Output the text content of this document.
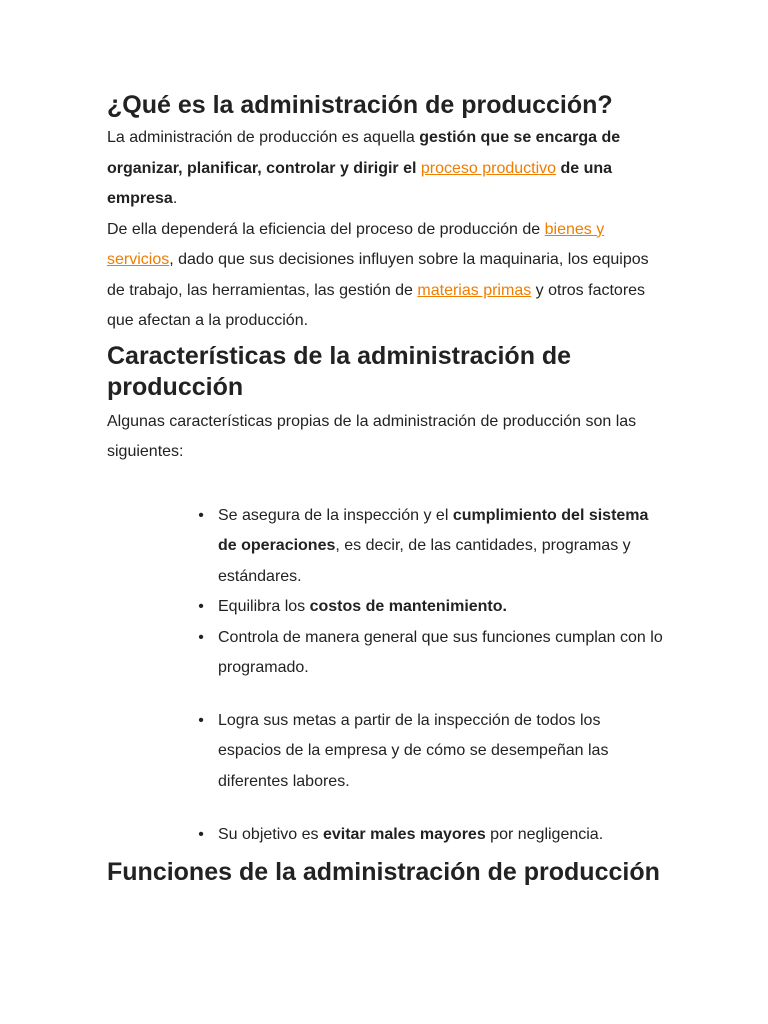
¿Qué es la administración de producción?

La administración de producción es aquella gestión que se encarga de organizar, planificar, controlar y dirigir el proceso productivo de una empresa.

De ella dependerá la eficiencia del proceso de producción de bienes y servicios, dado que sus decisiones influyen sobre la maquinaria, los equipos de trabajo, las herramientas, las gestión de materias primas y otros factores que afectan a la producción.

Características de la administración de producción

Algunas características propias de la administración de producción son las siguientes:

• Se asegura de la inspección y el cumplimiento del sistema de operaciones, es decir, de las cantidades, programas y estándares.
• Equilibra los costos de mantenimiento.
• Controla de manera general que sus funciones cumplan con lo programado.
• Logra sus metas a partir de la inspección de todos los espacios de la empresa y de cómo se desempeñan las diferentes labores.
• Su objetivo es evitar males mayores por negligencia.
Funciones de la administración de producción
